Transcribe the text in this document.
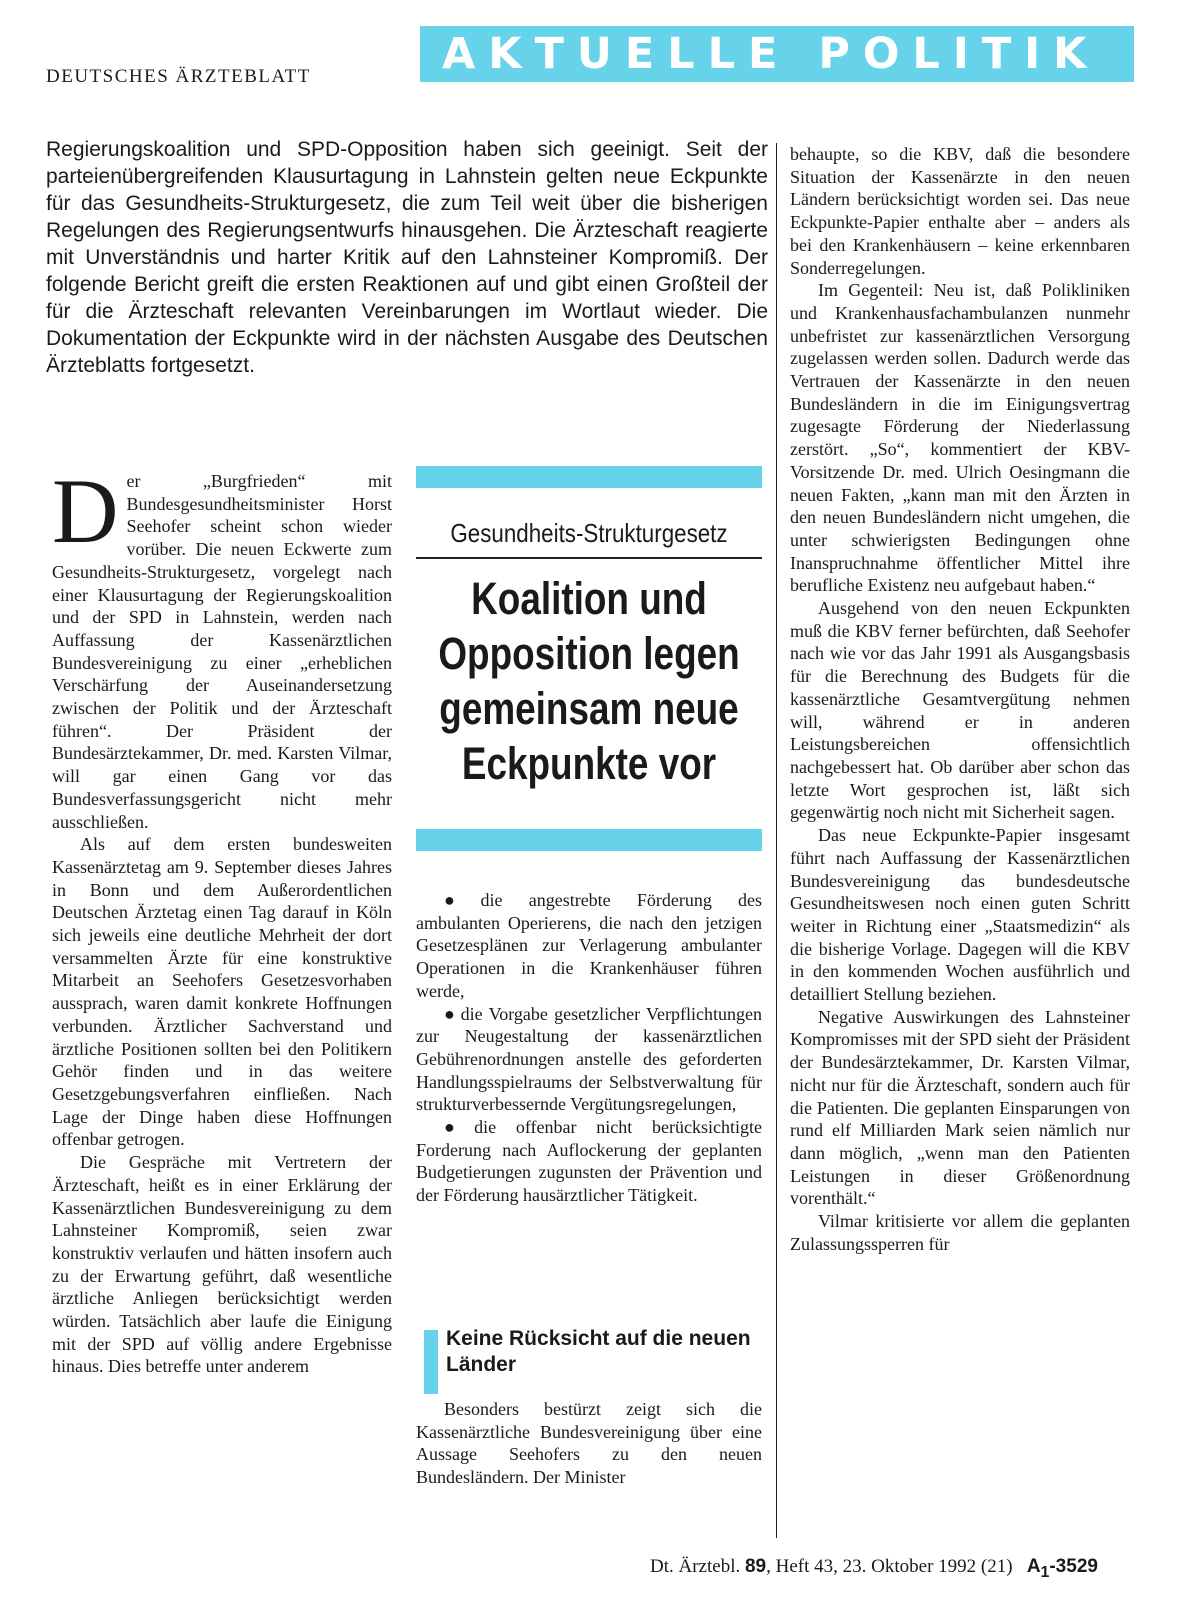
DEUTSCHES ÄRZTEBLATT	AKTUELLE POLITIK
Regierungskoalition und SPD-Opposition haben sich geeinigt. Seit der parteienübergreifenden Klausurtagung in Lahnstein gelten neue Eckpunkte für das Gesundheits-Strukturgesetz, die zum Teil weit über die bisherigen Regelungen des Regierungsentwurfs hinausgehen. Die Ärzteschaft reagierte mit Unverständnis und harter Kritik auf den Lahnsteiner Kompromiß. Der folgende Bericht greift die ersten Reaktionen auf und gibt einen Großteil der für die Ärzteschaft relevanten Vereinbarungen im Wortlaut wieder. Die Dokumentation der Eckpunkte wird in der nächsten Ausgabe des Deutschen Ärzteblatts fortgesetzt.

Der „Burgfrieden“ mit Bundesgesundheitsminister Horst Seehofer scheint schon wieder vorüber. Die neuen Eckwerte zum Gesundheits-Strukturgesetz, vorgelegt nach einer Klausurtagung der Regierungskoalition und der SPD in Lahnstein, werden nach Auffassung der Kassenärztlichen Bundesvereinigung zu einer „erheblichen Verschärfung der Auseinandersetzung zwischen der Politik und der Ärzteschaft führen“. Der Präsident der Bundesärztekammer, Dr. med. Karsten Vilmar, will gar einen Gang vor das Bundesverfassungsgericht nicht mehr ausschließen.

Als auf dem ersten bundesweiten Kassenärztetag am 9. September dieses Jahres in Bonn und dem Außerordentlichen Deutschen Ärztetag einen Tag darauf in Köln sich jeweils eine deutliche Mehrheit der dort versammelten Ärzte für eine konstruktive Mitarbeit an Seehofers Gesetzesvorhaben aussprach, waren damit konkrete Hoffnungen verbunden. Ärztlicher Sachverstand und ärztliche Positionen sollten bei den Politikern Gehör finden und in das weitere Gesetzgebungsverfahren einfließen. Nach Lage der Dinge haben diese Hoffnungen offenbar getrogen.

Die Gespräche mit Vertretern der Ärzteschaft, heißt es in einer Erklärung der Kassenärztlichen Bundesvereinigung zu dem Lahnsteiner Kompromiß, seien zwar konstruktiv verlaufen und hätten insofern auch zu der Erwartung geführt, daß wesentliche ärztliche Anliegen berücksichtigt werden würden. Tatsächlich aber laufe die Einigung mit der SPD auf völlig andere Ergebnisse hinaus. Dies betreffe unter anderem

Gesundheits-Strukturgesetz
Koalition und
Opposition legen
gemeinsam neue
Eckpunkte vor

● die angestrebte Förderung des ambulanten Operierens, die nach den jetzigen Gesetzesplänen zur Verlagerung ambulanter Operationen in die Krankenhäuser führen werde,

● die Vorgabe gesetzlicher Verpflichtungen zur Neugestaltung der kassenärztlichen Gebührenordnungen anstelle des geforderten Handlungsspielraums der Selbstverwaltung für strukturverbessernde Vergütungsregelungen,

● die offenbar nicht berücksichtigte Forderung nach Auflockerung der geplanten Budgetierungen zugunsten der Prävention und der Förderung hausärztlicher Tätigkeit.

Keine Rücksicht auf die neuen Länder

Besonders bestürzt zeigt sich die Kassenärztliche Bundesvereinigung über eine Aussage Seehofers zu den neuen Bundesländern. Der Minister

behaupte, so die KBV, daß die besondere Situation der Kassenärzte in den neuen Ländern berücksichtigt worden sei. Das neue Eckpunkte-Papier enthalte aber – anders als bei den Krankenhäusern – keine erkennbaren Sonderregelungen.

Im Gegenteil: Neu ist, daß Polikliniken und Krankenhausfachambulanzen nunmehr unbefristet zur kassenärztlichen Versorgung zugelassen werden sollen. Dadurch werde das Vertrauen der Kassenärzte in den neuen Bundesländern in die im Einigungsvertrag zugesagte Förderung der Niederlassung zerstört. „So“, kommentiert der KBV-Vorsitzende Dr. med. Ulrich Oesingmann die neuen Fakten, „kann man mit den Ärzten in den neuen Bundesländern nicht umgehen, die unter schwierigsten Bedingungen ohne Inanspruchnahme öffentlicher Mittel ihre berufliche Existenz neu aufgebaut haben.“

Ausgehend von den neuen Eckpunkten muß die KBV ferner befürchten, daß Seehofer nach wie vor das Jahr 1991 als Ausgangsbasis für die Berechnung des Budgets für die kassenärztliche Gesamtvergütung nehmen will, während er in anderen Leistungsbereichen offensichtlich nachgebessert hat. Ob darüber aber schon das letzte Wort gesprochen ist, läßt sich gegenwärtig noch nicht mit Sicherheit sagen.

Das neue Eckpunkte-Papier insgesamt führt nach Auffassung der Kassenärztlichen Bundesvereinigung das bundesdeutsche Gesundheitswesen noch einen guten Schritt weiter in Richtung einer „Staatsmedizin“ als die bisherige Vorlage. Dagegen will die KBV in den kommenden Wochen ausführlich und detailliert Stellung beziehen.

Negative Auswirkungen des Lahnsteiner Kompromisses mit der SPD sieht der Präsident der Bundesärztekammer, Dr. Karsten Vilmar, nicht nur für die Ärzteschaft, sondern auch für die Patienten. Die geplanten Einsparungen von rund elf Milliarden Mark seien nämlich nur dann möglich, „wenn man den Patienten Leistungen in dieser Größenordnung vorenthält.“

Vilmar kritisierte vor allem die geplanten Zulassungssperren für

Dt. Ärztebl. 89, Heft 43, 23. Oktober 1992 (21) $A_1-3529$
